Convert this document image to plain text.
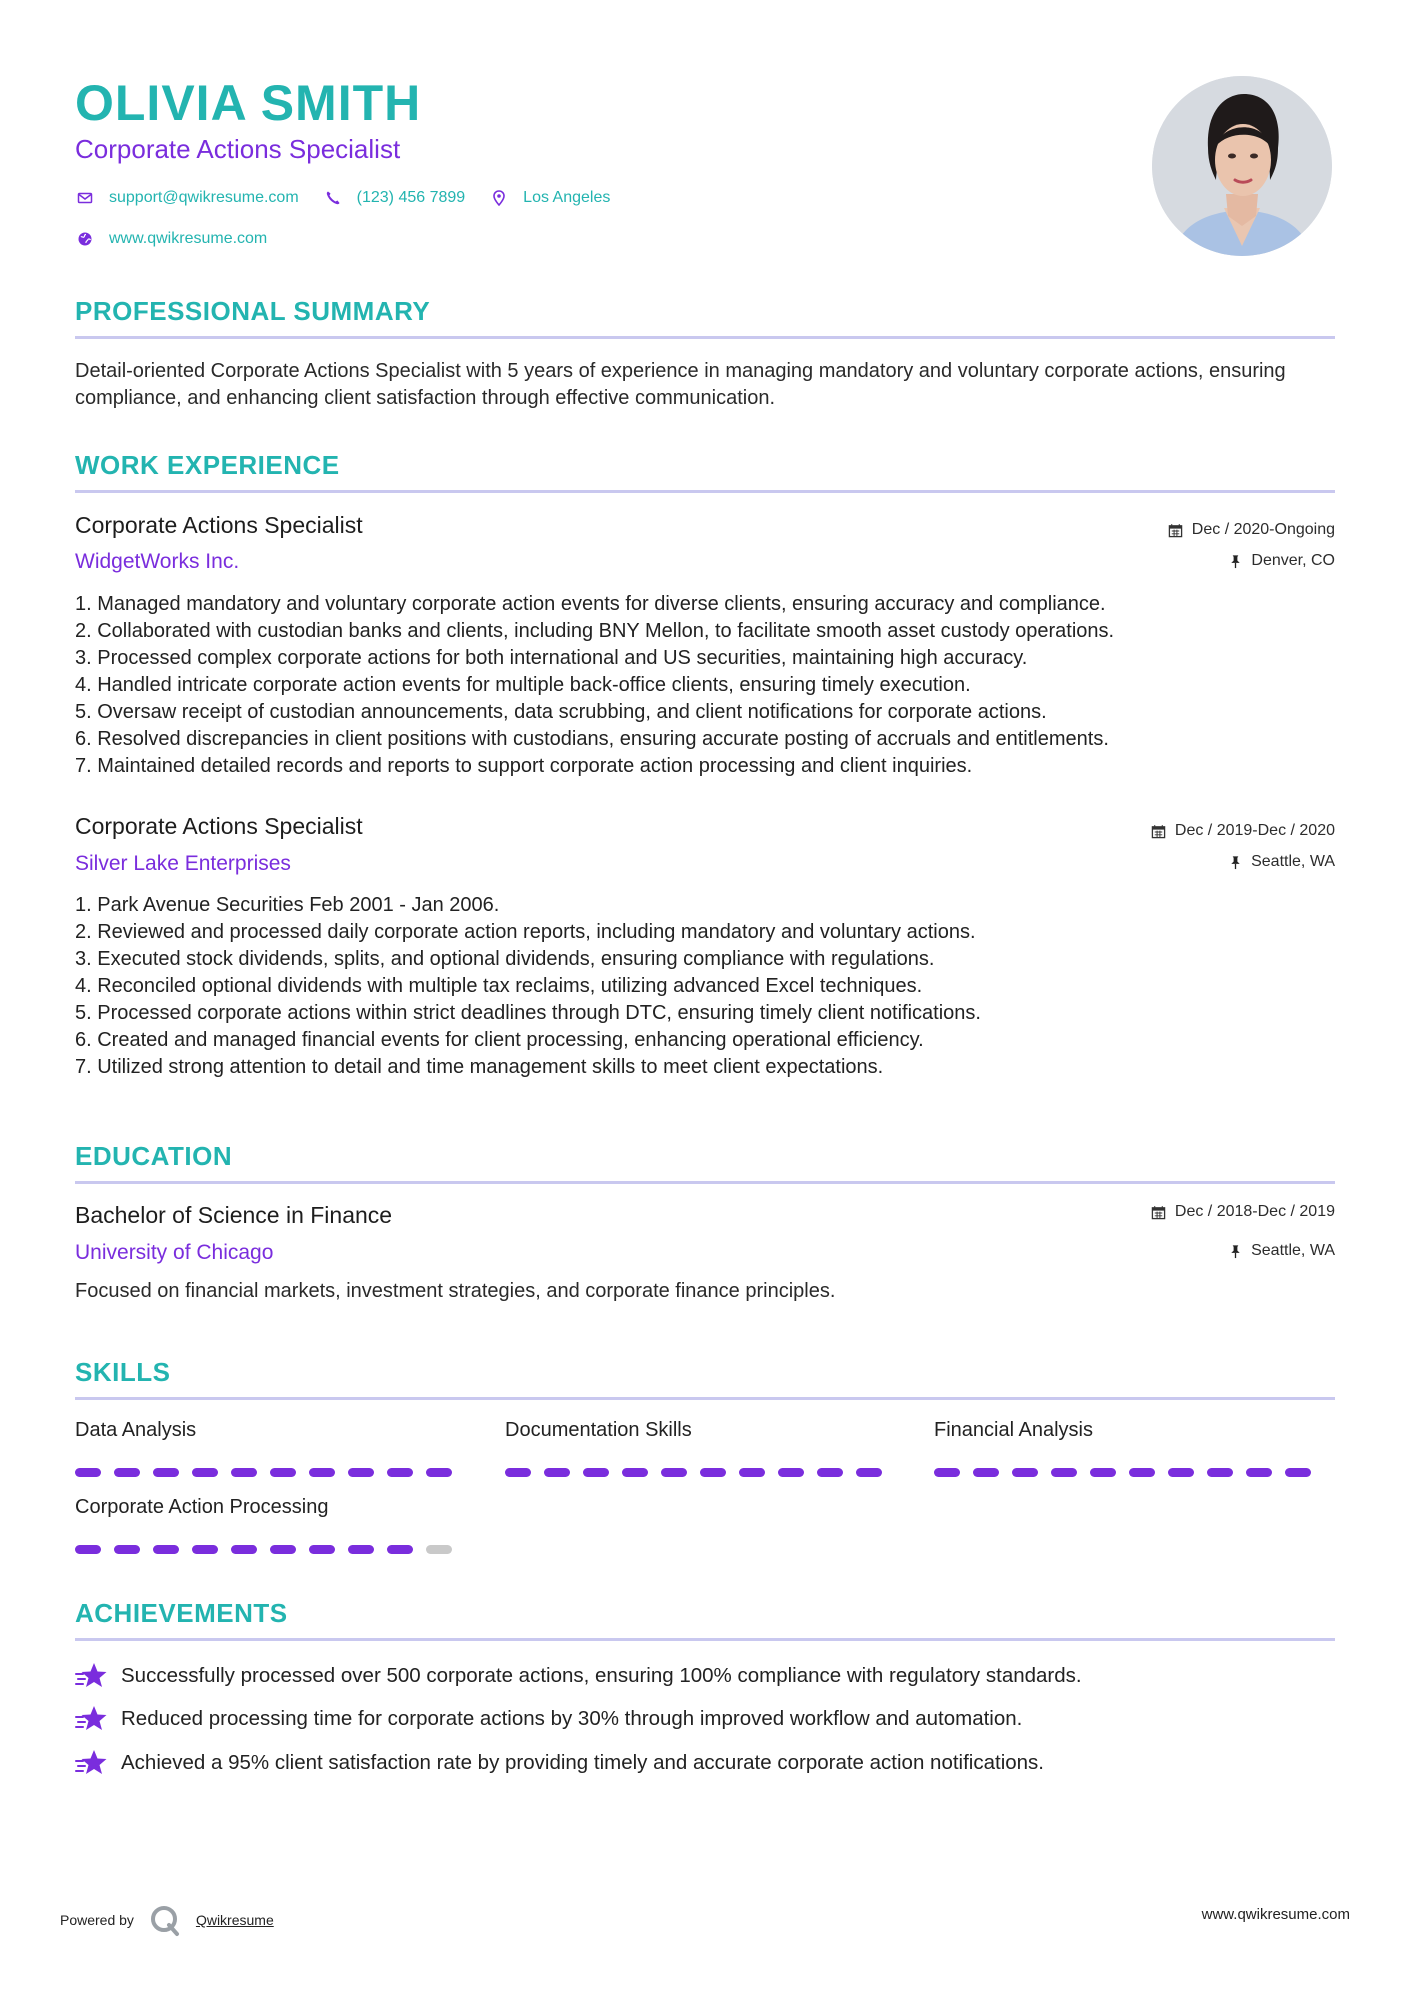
OLIVIA SMITH
Corporate Actions Specialist
support@qwikresume.com	(123) 456 7899	Los Angeles
www.qwikresume.com
PROFESSIONAL SUMMARY
Detail-oriented Corporate Actions Specialist with 5 years of experience in managing mandatory and voluntary corporate actions, ensuring compliance, and enhancing client satisfaction through effective communication.
WORK EXPERIENCE
Corporate Actions Specialist
WidgetWorks Inc.
Dec / 2020-Ongoing
Denver, CO
1. Managed mandatory and voluntary corporate action events for diverse clients, ensuring accuracy and compliance.
2. Collaborated with custodian banks and clients, including BNY Mellon, to facilitate smooth asset custody operations.
3. Processed complex corporate actions for both international and US securities, maintaining high accuracy.
4. Handled intricate corporate action events for multiple back-office clients, ensuring timely execution.
5. Oversaw receipt of custodian announcements, data scrubbing, and client notifications for corporate actions.
6. Resolved discrepancies in client positions with custodians, ensuring accurate posting of accruals and entitlements.
7. Maintained detailed records and reports to support corporate action processing and client inquiries.
Corporate Actions Specialist
Silver Lake Enterprises
Dec / 2019-Dec / 2020
Seattle, WA
1. Park Avenue Securities Feb 2001 - Jan 2006.
2. Reviewed and processed daily corporate action reports, including mandatory and voluntary actions.
3. Executed stock dividends, splits, and optional dividends, ensuring compliance with regulations.
4. Reconciled optional dividends with multiple tax reclaims, utilizing advanced Excel techniques.
5. Processed corporate actions within strict deadlines through DTC, ensuring timely client notifications.
6. Created and managed financial events for client processing, enhancing operational efficiency.
7. Utilized strong attention to detail and time management skills to meet client expectations.
EDUCATION
Bachelor of Science in Finance
University of Chicago
Dec / 2018-Dec / 2019
Seattle, WA
Focused on financial markets, investment strategies, and corporate finance principles.
SKILLS
Data Analysis	Documentation Skills	Financial Analysis
Corporate Action Processing
ACHIEVEMENTS
Successfully processed over 500 corporate actions, ensuring 100% compliance with regulatory standards.
Reduced processing time for corporate actions by 30% through improved workflow and automation.
Achieved a 95% client satisfaction rate by providing timely and accurate corporate action notifications.
Powered by	Qwikresume	www.qwikresume.com
